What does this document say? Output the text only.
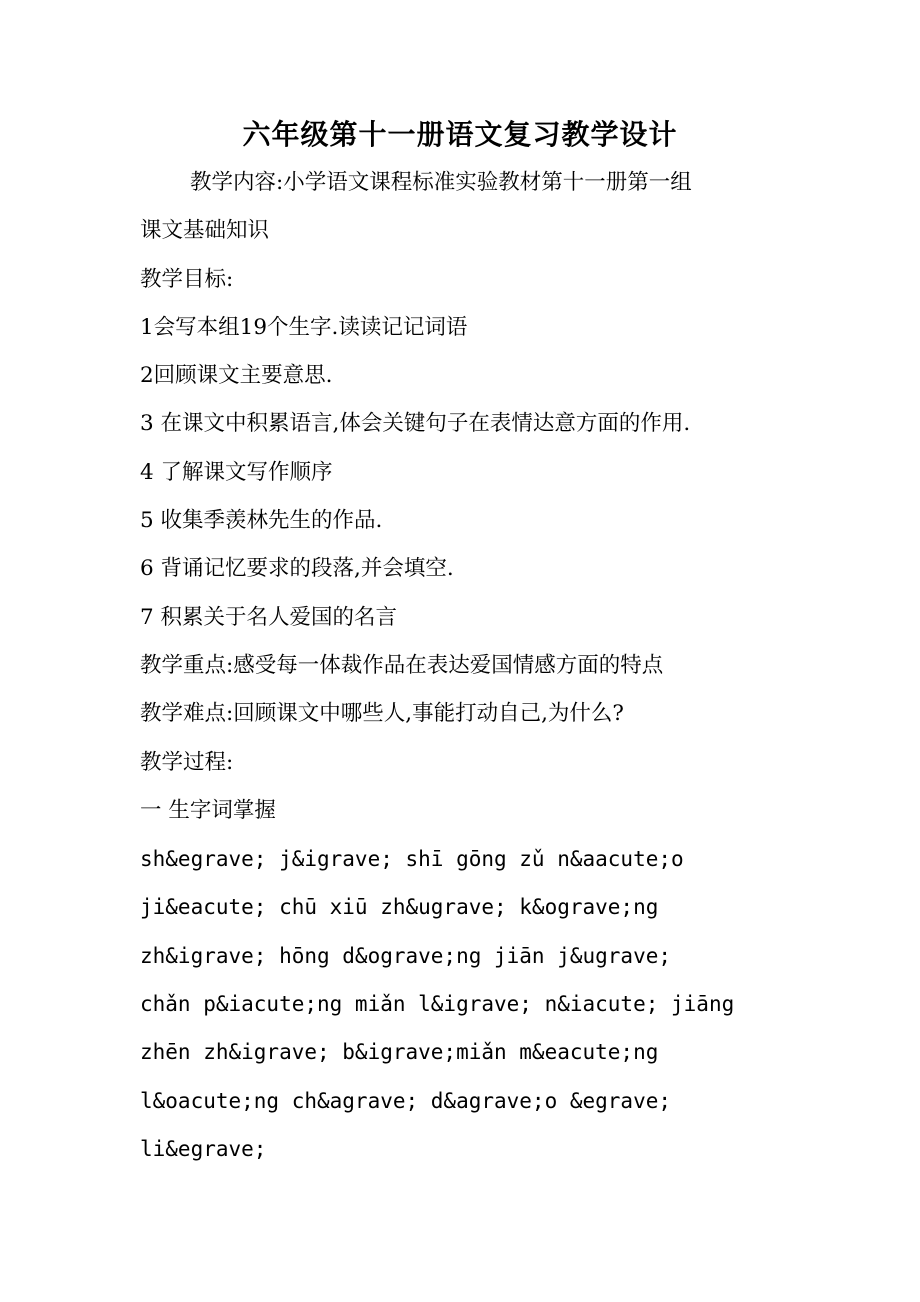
六年级第十一册语文复习教学设计
教学内容:小学语文课程标准实验教材第十一册第一组
课文基础知识
教学目标:
1会写本组19个生字.读读记记词语
2回顾课文主要意思.
3 在课文中积累语言,体会关键句子在表情达意方面的作用.
4 了解课文写作顺序
5 收集季羡林先生的作品.
6 背诵记忆要求的段落,并会填空.
7 积累关于名人爱国的名言
教学重点:感受每一体裁作品在表达爱国情感方面的特点
教学难点:回顾课文中哪些人,事能打动自己,为什么?
教学过程:
一 生字词掌握
sh&egrave; j&igrave; shī gōng zǔ n&aacute;o
ji&eacute; chū xiū zh&ugrave; k&ograve;ng
zh&igrave; hōng d&ograve;ng jiān j&ugrave;
chǎn p&iacute;ng miǎn l&igrave; n&iacute; jiāng
zhēn zh&igrave; b&igrave;miǎn m&eacute;ng
l&oacute;ng ch&agrave; d&agrave;o &egrave;
li&egrave;
